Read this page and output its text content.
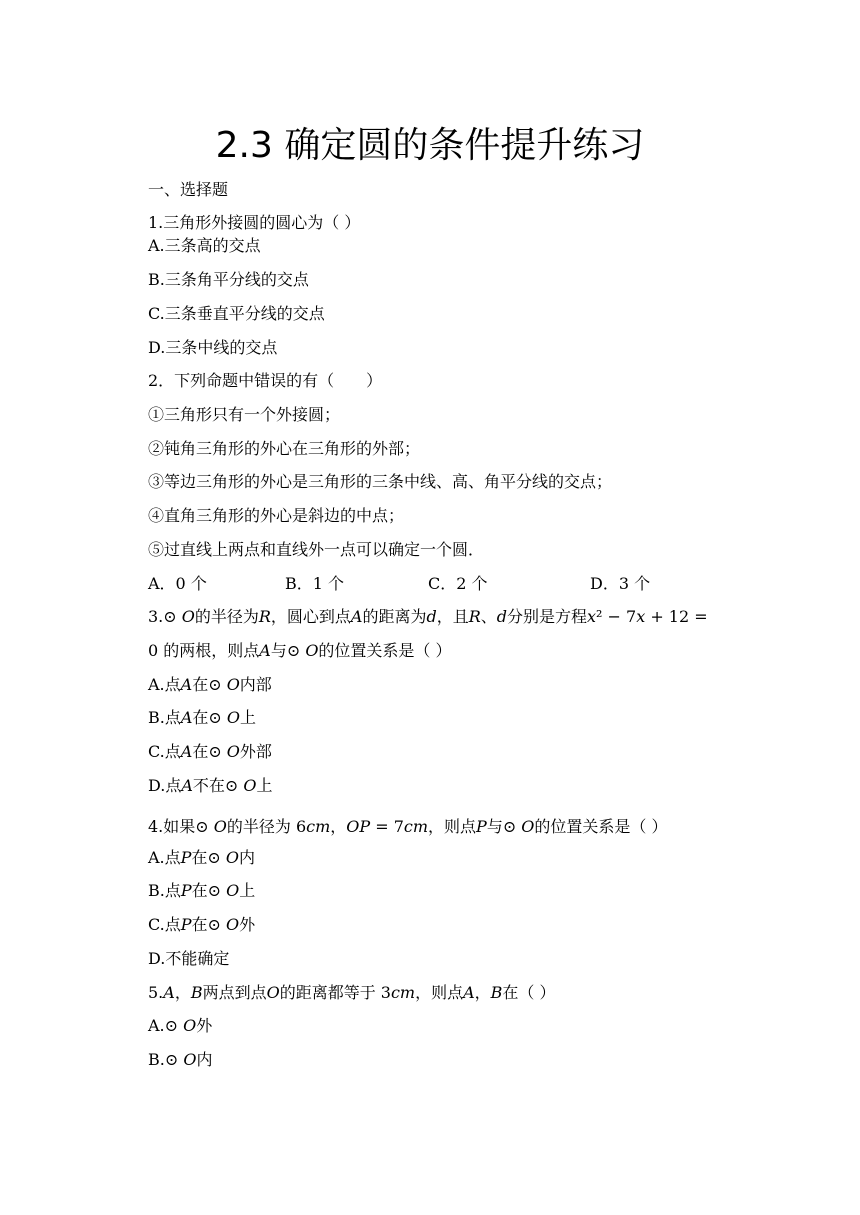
2.3 确定圆的条件提升练习
一、选择题
1.三角形外接圆的圆心为（ ）
A.三条高的交点
B.三条角平分线的交点
C.三条垂直平分线的交点
D.三条中线的交点
2．下列命题中错误的有（　　）
①三角形只有一个外接圆；
②钝角三角形的外心在三角形的外部；
③等边三角形的外心是三角形的三条中线、高、角平分线的交点；
④直角三角形的外心是斜边的中点；
⑤过直线上两点和直线外一点可以确定一个圆．
A．0 个	B．1 个	C．2 个	D．3 个
3.⊙ 𝑂的半径为𝑅，圆心到点𝐴的距离为𝑑，且𝑅、𝑑分别是方程𝑥² − 7𝑥 + 12 =
0 的两根，则点𝐴与⊙ 𝑂的位置关系是（ ）
A.点𝐴在⊙ 𝑂内部
B.点𝐴在⊙ 𝑂上
C.点𝐴在⊙ 𝑂外部
D.点𝐴不在⊙ 𝑂上
4.如果⊙ 𝑂的半径为 6𝑐𝑚，𝑂𝑃 = 7𝑐𝑚，则点𝑃与⊙ 𝑂的位置关系是（ ）
A.点𝑃在⊙ 𝑂内
B.点𝑃在⊙ 𝑂上
C.点𝑃在⊙ 𝑂外
D.不能确定
5.𝐴，𝐵两点到点𝑂的距离都等于 3𝑐𝑚，则点𝐴，𝐵在（ ）
A.⊙ 𝑂外
B.⊙ 𝑂内
